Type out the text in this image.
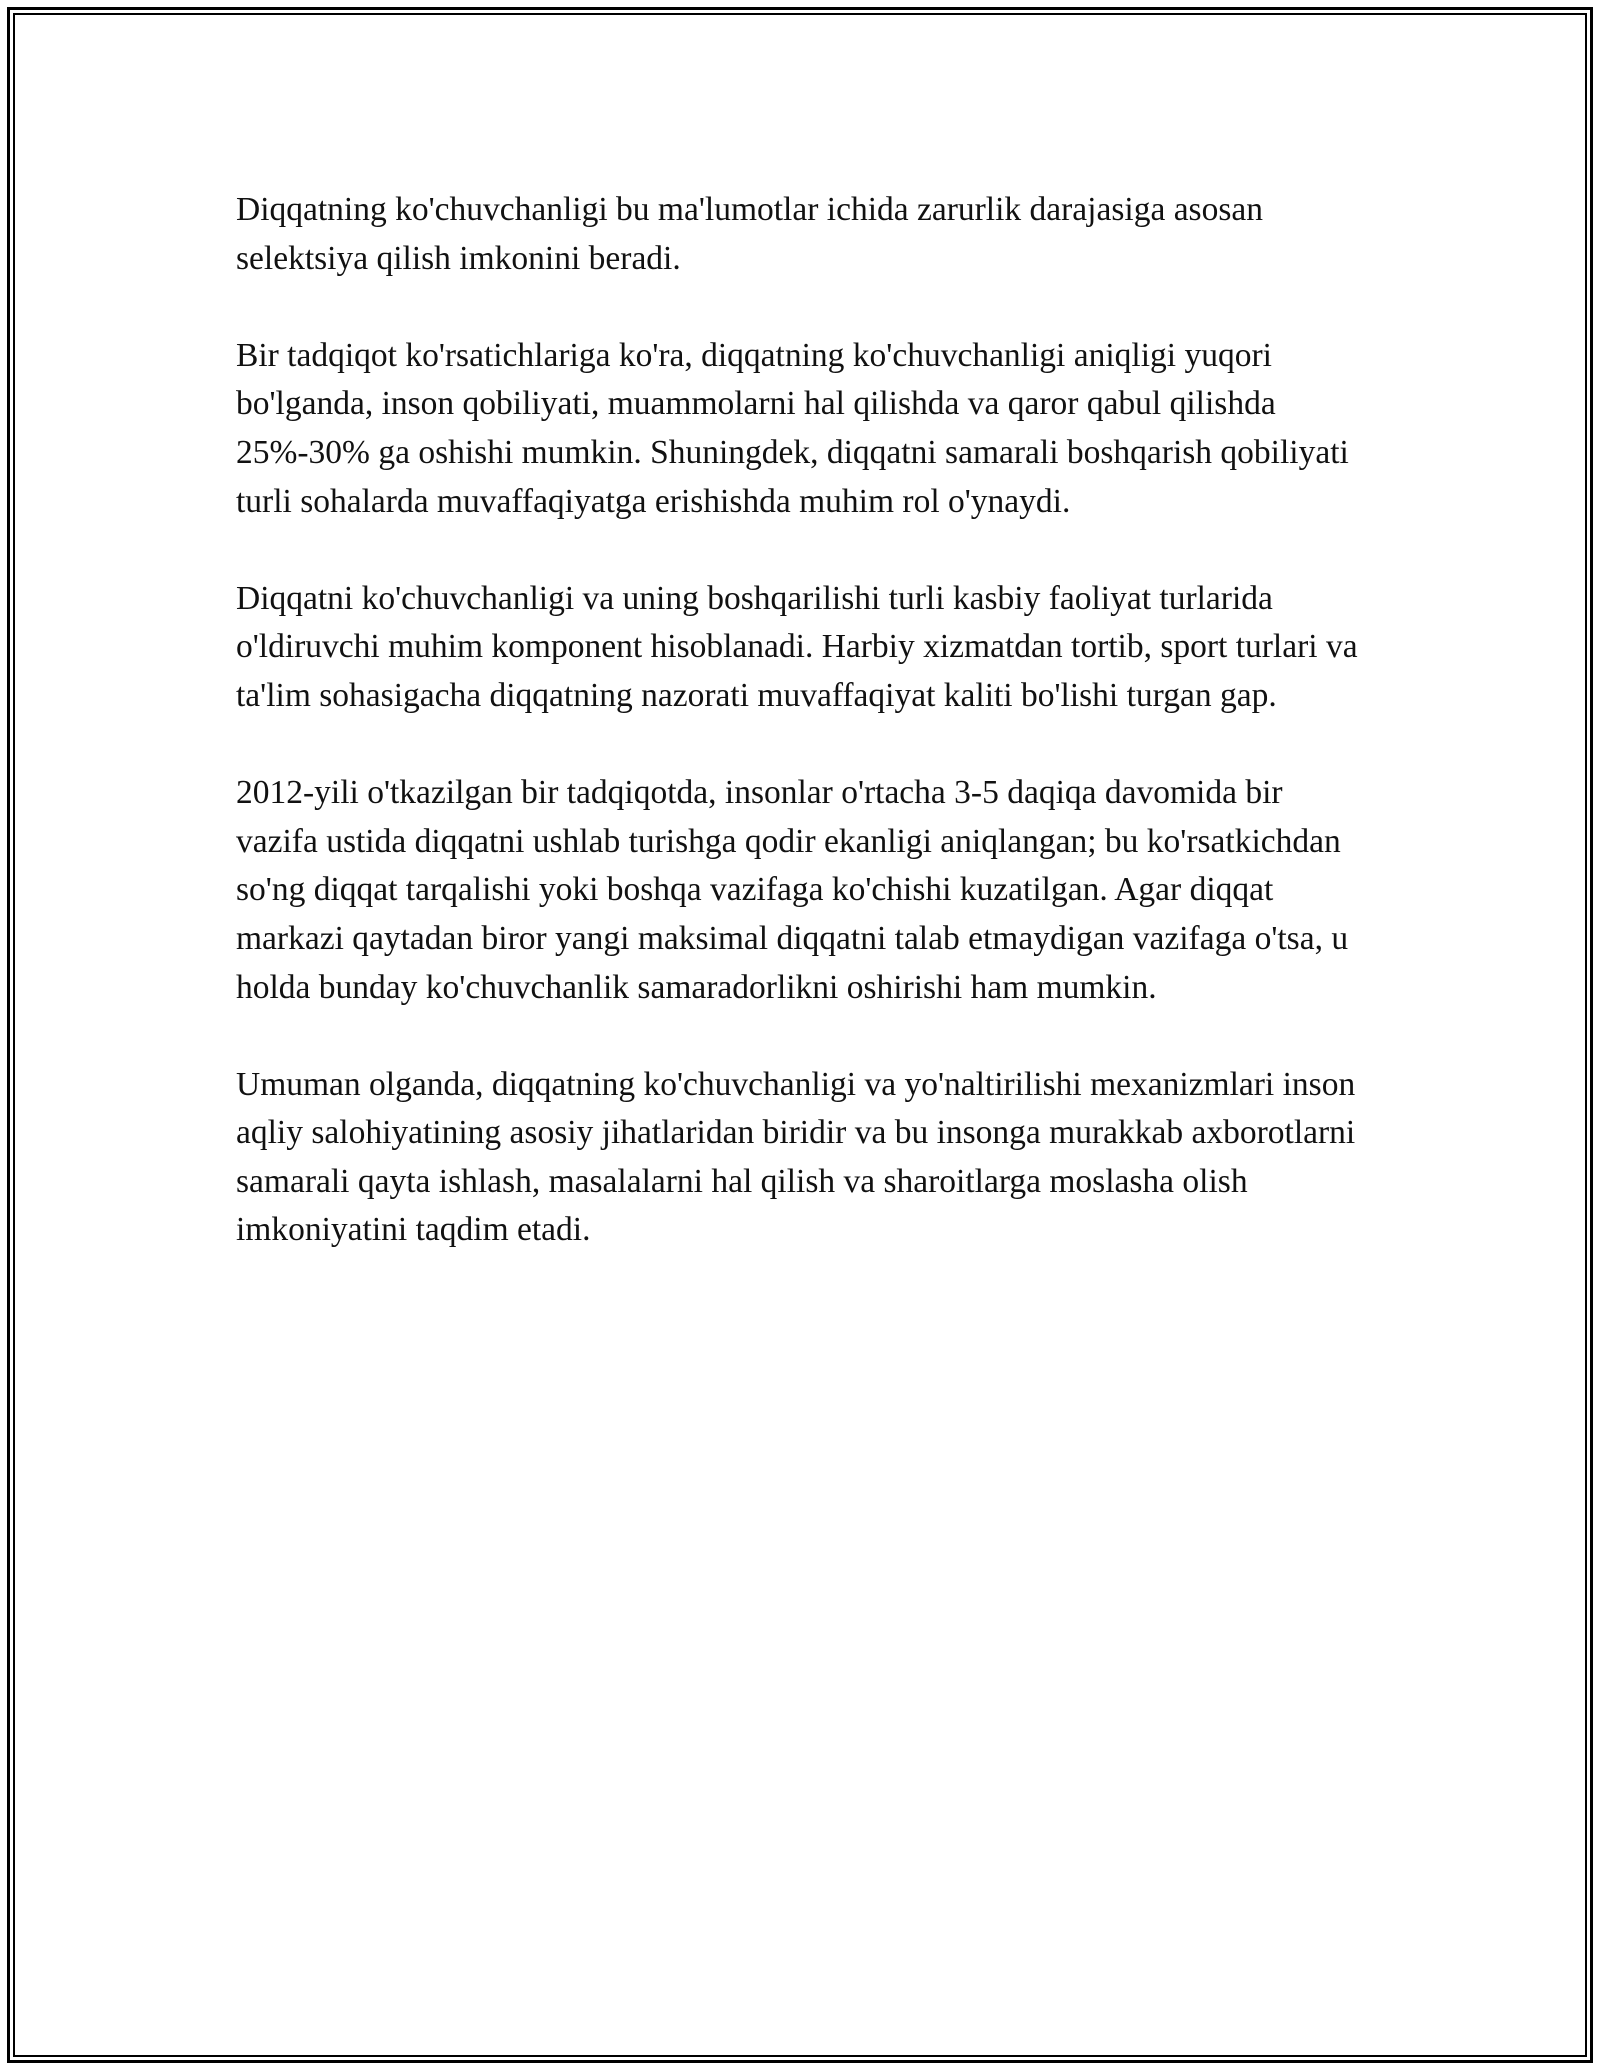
Diqqatning ko'chuvchanligi bu ma'lumotlar ichida zarurlik darajasiga asosan selektsiya qilish imkonini beradi.

Bir tadqiqot ko'rsatichlariga ko'ra, diqqatning ko'chuvchanligi aniqligi yuqori bo'lganda, inson qobiliyati, muammolarni hal qilishda va qaror qabul qilishda 25%-30% ga oshishi mumkin. Shuningdek, diqqatni samarali boshqarish qobiliyati turli sohalarda muvaffaqiyatga erishishda muhim rol o'ynaydi.

Diqqatni ko'chuvchanligi va uning boshqarilishi turli kasbiy faoliyat turlarida o'ldiruvchi muhim komponent hisoblanadi. Harbiy xizmatdan tortib, sport turlari va ta'lim sohasigacha diqqatning nazorati muvaffaqiyat kaliti bo'lishi turgan gap.

2012-yili o'tkazilgan bir tadqiqotda, insonlar o'rtacha 3-5 daqiqa davomida bir vazifa ustida diqqatni ushlab turishga qodir ekanligi aniqlangan; bu ko'rsatkichdan so'ng diqqat tarqalishi yoki boshqa vazifaga ko'chishi kuzatilgan. Agar diqqat markazi qaytadan biror yangi maksimal diqqatni talab etmaydigan vazifaga o'tsa, u holda bunday ko'chuvchanlik samaradorlikni oshirishi ham mumkin.

Umuman olganda, diqqatning ko'chuvchanligi va yo'naltirilishi mexanizmlari inson aqliy salohiyatining asosiy jihatlaridan biridir va bu insonga murakkab axborotlarni samarali qayta ishlash, masalalarni hal qilish va sharoitlarga moslasha olish imkoniyatini taqdim etadi.
